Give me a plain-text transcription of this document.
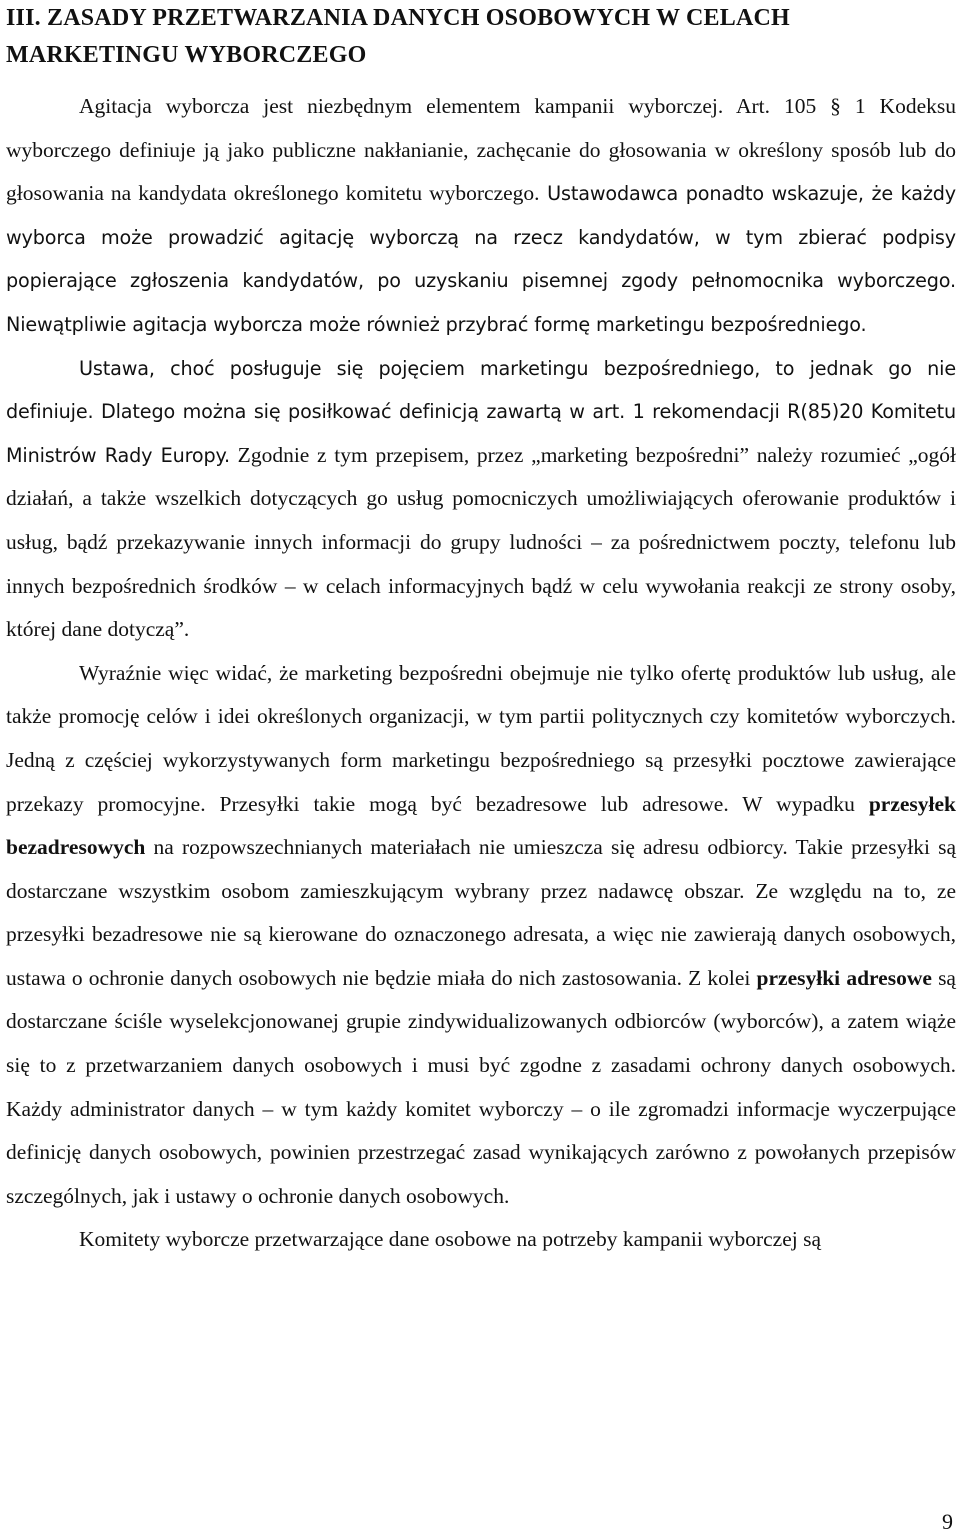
III. ZASADY PRZETWARZANIA DANYCH OSOBOWYCH W CELACH MARKETINGU WYBORCZEGO

Agitacja wyborcza jest niezbędnym elementem kampanii wyborczej. Art. 105 § 1 Kodeksu wyborczego definiuje ją jako publiczne nakłanianie, zachęcanie do głosowania w określony sposób lub do głosowania na kandydata określonego komitetu wyborczego. Ustawodawca ponadto wskazuje, że każdy wyborca może prowadzić agitację wyborczą na rzecz kandydatów, w tym zbierać podpisy popierające zgłoszenia kandydatów, po uzyskaniu pisemnej zgody pełnomocnika wyborczego. Niewątpliwie agitacja wyborcza może również przybrać formę marketingu bezpośredniego.

Ustawa, choć posługuje się pojęciem marketingu bezpośredniego, to jednak go nie definiuje. Dlatego można się posiłkować definicją zawartą w art. 1 rekomendacji R(85)20 Komitetu Ministrów Rady Europy. Zgodnie z tym przepisem, przez „marketing bezpośredni” należy rozumieć „ogół działań, a także wszelkich dotyczących go usług pomocniczych umożliwiających oferowanie produktów i usług, bądź przekazywanie innych informacji do grupy ludności – za pośrednictwem poczty, telefonu lub innych bezpośrednich środków – w celach informacyjnych bądź w celu wywołania reakcji ze strony osoby, której dane dotyczą”.

Wyraźnie więc widać, że marketing bezpośredni obejmuje nie tylko ofertę produktów lub usług, ale także promocję celów i idei określonych organizacji, w tym partii politycznych czy komitetów wyborczych. Jedną z częściej wykorzystywanych form marketingu bezpośredniego są przesyłki pocztowe zawierające przekazy promocyjne. Przesyłki takie mogą być bezadresowe lub adresowe. W wypadku przesyłek bezadresowych na rozpowszechnianych materiałach nie umieszcza się adresu odbiorcy. Takie przesyłki są dostarczane wszystkim osobom zamieszkującym wybrany przez nadawcę obszar. Ze względu na to, ze przesyłki bezadresowe nie są kierowane do oznaczonego adresata, a więc nie zawierają danych osobowych, ustawa o ochronie danych osobowych nie będzie miała do nich zastosowania. Z kolei przesyłki adresowe są dostarczane ściśle wyselekcjonowanej grupie zindywidualizowanych odbiorców (wyborców), a zatem wiąże się to z przetwarzaniem danych osobowych i musi być zgodne z zasadami ochrony danych osobowych. Każdy administrator danych – w tym każdy komitet wyborczy – o ile zgromadzi informacje wyczerpujące definicję danych osobowych, powinien przestrzegać zasad wynikających zarówno z powołanych przepisów szczególnych, jak i ustawy o ochronie danych osobowych.

Komitety wyborcze przetwarzające dane osobowe na potrzeby kampanii wyborczej są

9
